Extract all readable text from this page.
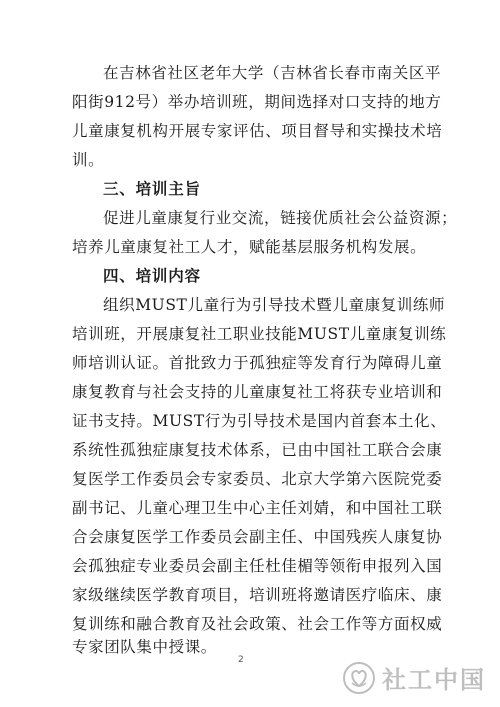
在吉林省社区老年大学（吉林省长春市南关区平
阳街912号）举办培训班，期间选择对口支持的地方
儿童康复机构开展专家评估、项目督导和实操技术培
训。
三、培训主旨
促进儿童康复行业交流，链接优质社会公益资源；
培养儿童康复社工人才，赋能基层服务机构发展。
四、培训内容
组织MUST儿童行为引导技术暨儿童康复训练师
培训班，开展康复社工职业技能MUST儿童康复训练
师培训认证。首批致力于孤独症等发育行为障碍儿童
康复教育与社会支持的儿童康复社工将获专业培训和
证书支持。MUST行为引导技术是国内首套本土化、
系统性孤独症康复技术体系，已由中国社工联合会康
复医学工作委员会专家委员、北京大学第六医院党委
副书记、儿童心理卫生中心主任刘婧，和中国社工联
合会康复医学工作委员会副主任、中国残疾人康复协
会孤独症专业委员会副主任杜佳楣等领衔申报列入国
家级继续医学教育项目，培训班将邀请医疗临床、康
复训练和融合教育及社会政策、社会工作等方面权威
专家团队集中授课。
2
社工中国
